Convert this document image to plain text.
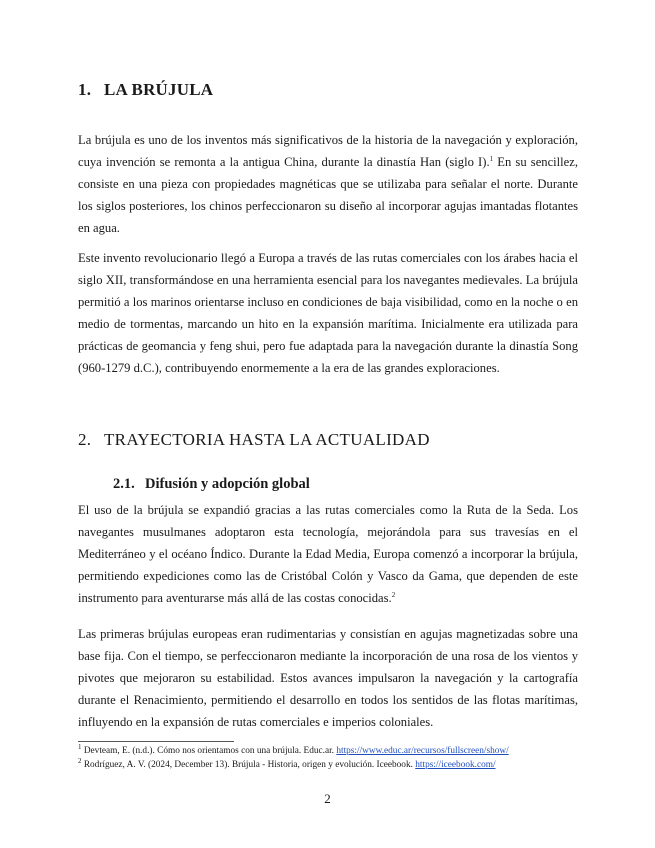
1. LA BRÚJULA

La brújula es uno de los inventos más significativos de la historia de la navegación y exploración, cuya invención se remonta a la antigua China, durante la dinastía Han (siglo I).$^1$ En su sencillez, consiste en una pieza con propiedades magnéticas que se utilizaba para señalar el norte. Durante los siglos posteriores, los chinos perfeccionaron su diseño al incorporar agujas imantadas flotantes en agua.

Este invento revolucionario llegó a Europa a través de las rutas comerciales con los árabes hacia el siglo XII, transformándose en una herramienta esencial para los navegantes medievales. La brújula permitió a los marinos orientarse incluso en condiciones de baja visibilidad, como en la noche o en medio de tormentas, marcando un hito en la expansión marítima. Inicialmente era utilizada para prácticas de geomancia y feng shui, pero fue adaptada para la navegación durante la dinastía Song (960-1279 d.C.), contribuyendo enormemente a la era de las grandes exploraciones.

2. TRAYECTORIA HASTA LA ACTUALIDAD
2.1. Difusión y adopción global

El uso de la brújula se expandió gracias a las rutas comerciales como la Ruta de la Seda. Los navegantes musulmanes adoptaron esta tecnología, mejorándola para sus travesías en el Mediterráneo y el océano Índico. Durante la Edad Media, Europa comenzó a incorporar la brújula, permitiendo expediciones como las de Cristóbal Colón y Vasco da Gama, que dependen de este instrumento para aventurarse más allá de las costas conocidas.$^2$

Las primeras brújulas europeas eran rudimentarias y consistían en agujas magnetizadas sobre una base fija. Con el tiempo, se perfeccionaron mediante la incorporación de una rosa de los vientos y pivotes que mejoraron su estabilidad. Estos avances impulsaron la navegación y la cartografía durante el Renacimiento, permitiendo el desarrollo en todos los sentidos de las flotas marítimas, influyendo en la expansión de rutas comerciales e imperios coloniales.

$^1$ Devteam, E. (n.d.). Cómo nos orientamos con una brújula. Educ.ar. https://www.educ.ar/recursos/fullscreen/show/

$^2$ Rodríguez, A. V. (2024, December 13). Brújula - Historia, origen y evolución. Iceebook. https://iceebook.com/

2
